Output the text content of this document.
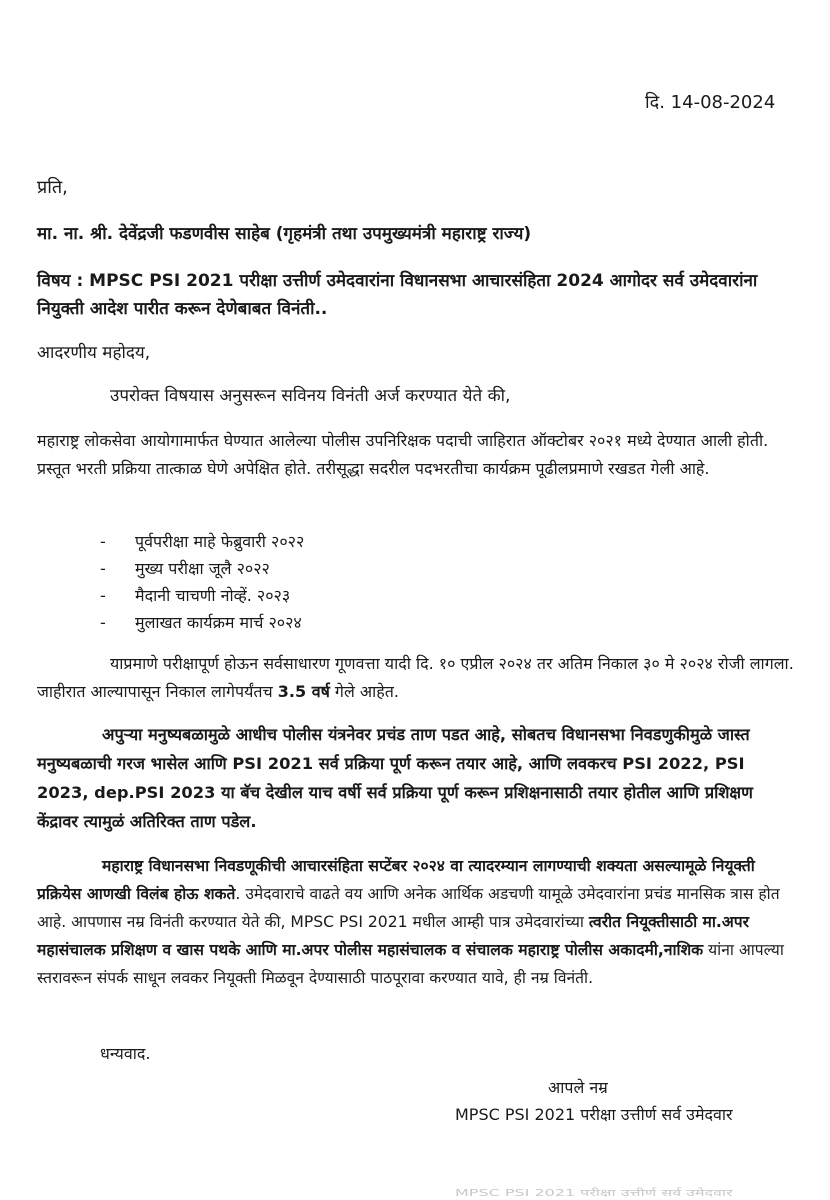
दि. 14-08-2024
प्रति,
मा. ना. श्री. देवेंद्रजी फडणवीस साहेब (गृहमंत्री तथा उपमुख्यमंत्री महाराष्ट्र राज्य)
विषय : MPSC PSI 2021 परीक्षा उत्तीर्ण उमेदवारांना विधानसभा आचारसंहिता 2024 आगोदर सर्व उमेदवारांना नियुक्ती आदेश पारीत करून देणेबाबत विनंती..
आदरणीय महोदय,
उपरोक्त विषयास अनुसरून सविनय विनंती अर्ज करण्यात येते की,
महाराष्ट्र लोकसेवा आयोगामार्फत घेण्यात आलेल्या पोलीस उपनिरिक्षक पदाची जाहिरात ऑक्टोबर २०२१ मध्ये देण्यात आली होती. प्रस्तूत भरती प्रक्रिया तात्काळ घेणे अपेक्षित होते. तरीसूद्धा सदरील पदभरतीचा कार्यक्रम पूढीलप्रमाणे रखडत गेली आहे.
- पूर्वपरीक्षा माहे फेब्रुवारी २०२२
- मुख्य परीक्षा जूलै २०२२
- मैदानी चाचणी नोव्हें. २०२३
- मुलाखत कार्यक्रम मार्च २०२४
याप्रमाणे परीक्षापूर्ण होऊन सर्वसाधारण गूणवत्ता यादी दि. १० एप्रील २०२४ तर अतिम निकाल ३० मे २०२४ रोजी लागला. जाहीरात आल्यापासून निकाल लागेपर्यंतच 3.5 वर्ष गेले आहेत.
अपुऱ्या मनुष्यबळामुळे आधीच पोलीस यंत्रनेवर प्रचंड ताण पडत आहे, सोबतच विधानसभा निवडणुकीमुळे जास्त मनुष्यबळाची गरज भासेल आणि PSI 2021 सर्व प्रक्रिया पूर्ण करून तयार आहे, आणि लवकरच PSI 2022, PSI 2023, dep.PSI 2023 या बॅच देखील याच वर्षी सर्व प्रक्रिया पूर्ण करून प्रशिक्षनासाठी तयार होतील आणि प्रशिक्षण केंद्रावर त्यामुळं अतिरिक्त ताण पडेल.
महाराष्ट्र विधानसभा निवडणूकीची आचारसंहिता सप्टेंबर २०२४ वा त्यादरम्यान लागण्याची शक्यता असल्यामूळे नियूक्ती प्रक्रियेस आणखी विलंब होऊ शकते. उमेदवाराचे वाढते वय आणि अनेक आर्थिक अडचणी यामूळे उमेदवारांना प्रचंड मानसिक त्रास होत आहे. आपणास नम्र विनंती करण्यात येते की, MPSC PSI 2021 मधील आम्ही पात्र उमेदवारांच्या त्वरीत नियूक्तीसाठी मा.अपर महासंचालक प्रशिक्षण व खास पथके आणि मा.अपर पोलीस महासंचालक व संचालक महाराष्ट्र पोलीस अकादमी,नाशिक यांना आपल्या स्तरावरून संपर्क साधून लवकर नियूक्ती मिळवून देण्यासाठी पाठपूरावा करण्यात यावे, ही नम्र विनंती.
धन्यवाद.
आपले नम्र
MPSC PSI 2021 परीक्षा उत्तीर्ण सर्व उमेदवार
MPSC PSI 2021 परीक्षा उत्तीर्ण सर्व उमेदवार
